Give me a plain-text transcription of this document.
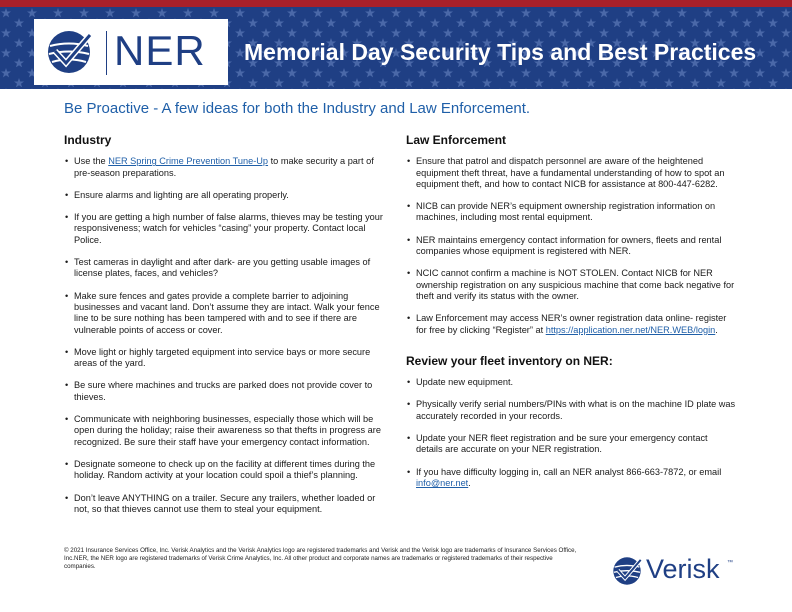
NER Memorial Day Security Tips and Best Practices
Be Proactive - A few ideas for both the Industry and Law Enforcement.
Industry
• Use the NER Spring Crime Prevention Tune-Up to make security a part of pre-season preparations.
• Ensure alarms and lighting are all operating properly.
• If you are getting a high number of false alarms, thieves may be testing your responsiveness; watch for vehicles “casing” your property. Contact local Police.
• Test cameras in daylight and after dark- are you getting usable images of license plates, faces, and vehicles?
• Make sure fences and gates provide a complete barrier to adjoining businesses and vacant land. Don’t assume they are intact. Walk your fence line to be sure nothing has been tampered with and to see if there are vulnerable points of access or cover.
• Move light or highly targeted equipment into service bays or more secure areas of the yard.
• Be sure where machines and trucks are parked does not provide cover to thieves.
• Communicate with neighboring businesses, especially those which will be open during the holiday; raise their awareness so that thefts in progress are recognized. Be sure their staff have your emergency contact information.
• Designate someone to check up on the facility at different times during the holiday. Random activity at your location could spoil a thief’s planning.
• Don’t leave ANYTHING on a trailer. Secure any trailers, whether loaded or not, so that thieves cannot use them to steal your equipment.
Law Enforcement
• Ensure that patrol and dispatch personnel are aware of the heightened equipment theft threat, have a fundamental understanding of how to spot an equipment theft, and how to contact NICB for assistance at 800-447-6282.
• NICB can provide NER’s equipment ownership registration information on machines, including most rental equipment.
• NER maintains emergency contact information for owners, fleets and rental companies whose equipment is registered with NER.
• NCIC cannot confirm a machine is NOT STOLEN. Contact NICB for NER ownership registration on any suspicious machine that come back negative for theft and verify its status with the owner.
• Law Enforcement may access NER’s owner registration data online- register for free by clicking “Register” at https://application.ner.net/NER.WEB/login.
Review your fleet inventory on NER:
• Update new equipment.
• Physically verify serial numbers/PINs with what is on the machine ID plate was accurately recorded in your records.
• Update your NER fleet registration and be sure your emergency contact details are accurate on your NER registration.
• If you have difficulty logging in, call an NER analyst 866-663-7872, or email info@ner.net.
© 2021 Insurance Services Office, Inc. Verisk Analytics and the Verisk Analytics logo are registered trademarks and Verisk and the Verisk logo are trademarks of Insurance Services Office, Inc.NER, the NER logo are registered trademarks of Verisk Crime Analytics, Inc. All other product and corporate names are trademarks or registered trademarks of their respective companies.	Verisk ™
